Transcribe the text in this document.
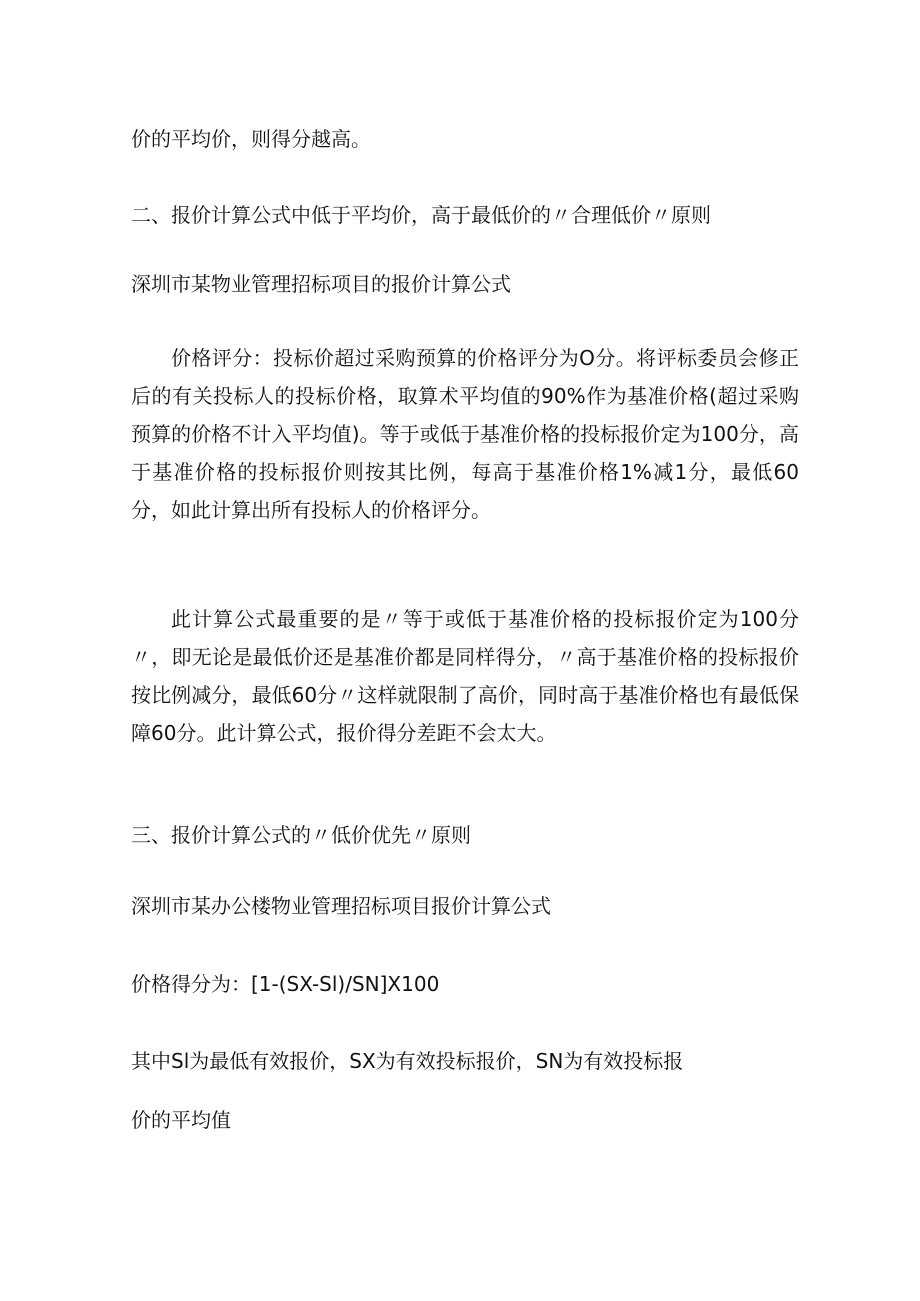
价的平均价，则得分越高。

二、报价计算公式中低于平均价，高于最低价的〃合理低价〃原则

深圳市某物业管理招标项目的报价计算公式

价格评分：投标价超过采购预算的价格评分为O分。将评标委员会修正后的有关投标人的投标价格，取算术平均值的90%作为基准价格(超过采购预算的价格不计入平均值)。等于或低于基准价格的投标报价定为100分，高于基准价格的投标报价则按其比例，每高于基准价格1%减1分，最低60分，如此计算出所有投标人的价格评分。

此计算公式最重要的是〃等于或低于基准价格的投标报价定为100分〃，即无论是最低价还是基准价都是同样得分，〃高于基准价格的投标报价按比例减分，最低60分〃这样就限制了高价，同时高于基准价格也有最低保障60分。此计算公式，报价得分差距不会太大。

三、报价计算公式的〃低价优先〃原则

深圳市某办公楼物业管理招标项目报价计算公式

价格得分为：[1-(SX-Sl)/SN]X100

其中Sl为最低有效报价，SX为有效投标报价，SN为有效投标报

价的平均值
